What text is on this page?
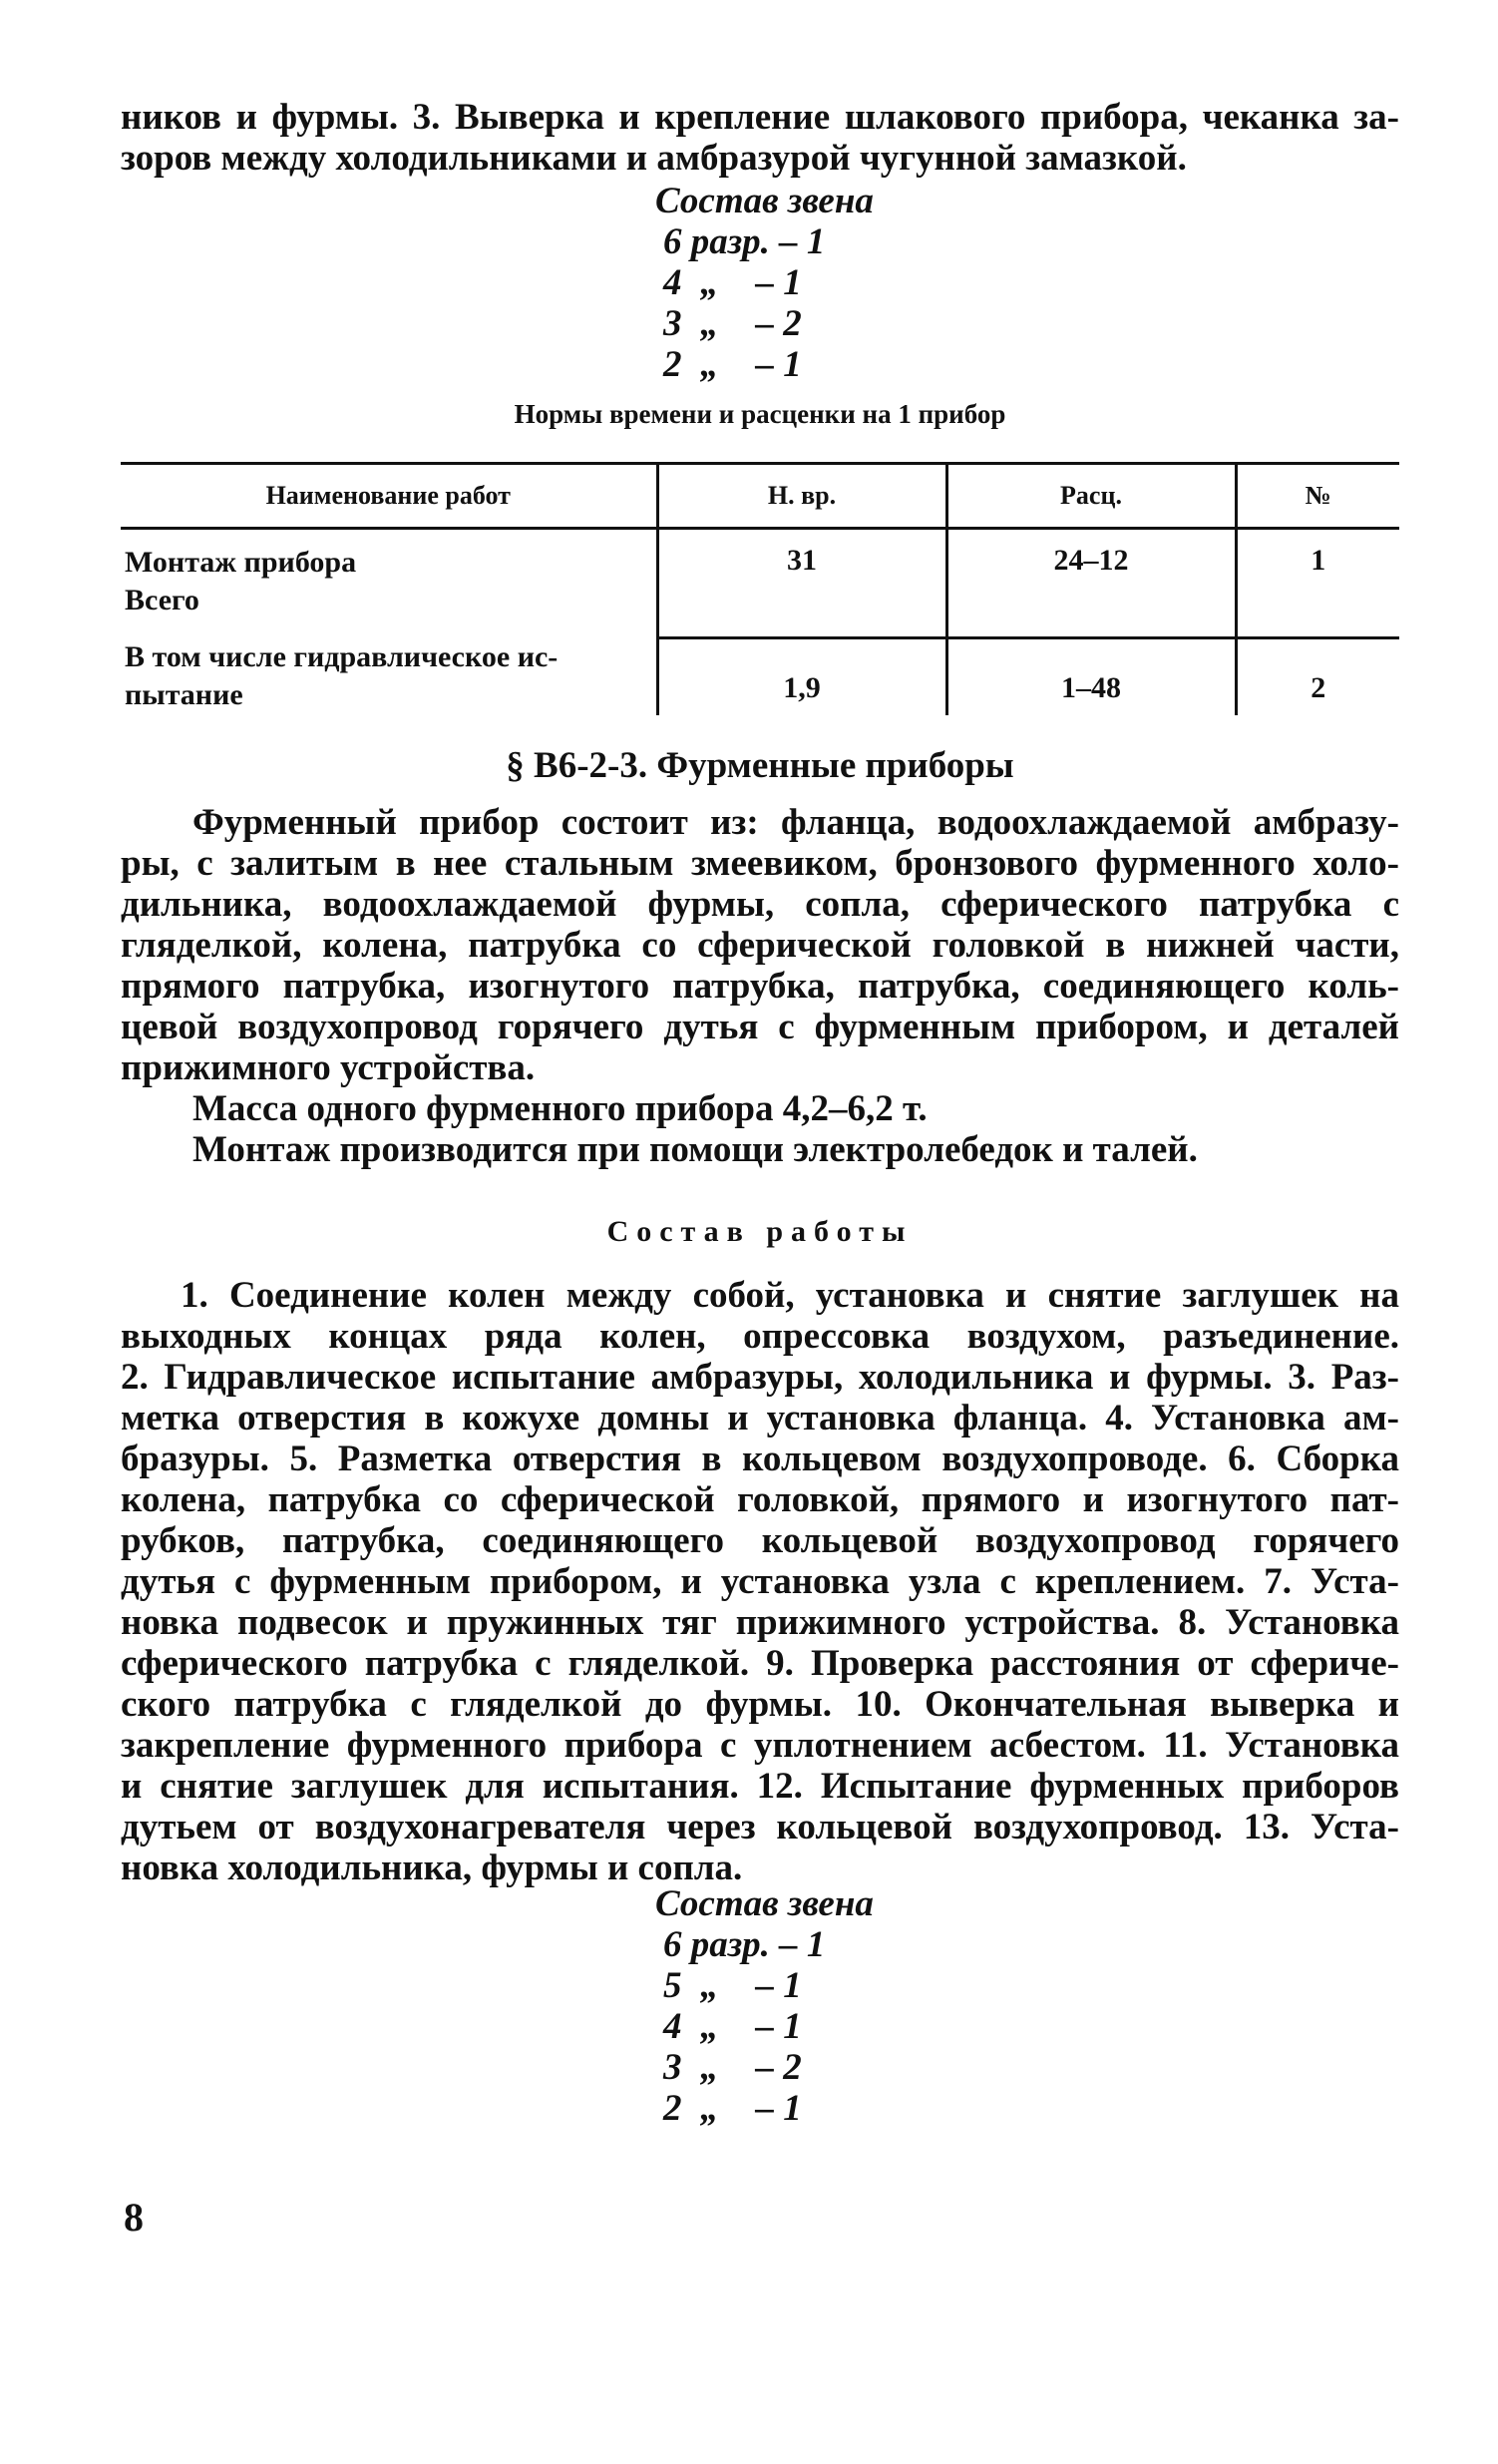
ников и фурмы. 3. Выверка и крепление шлакового прибора, чеканка за-
зоров между холодильниками и амбразурой чугунной замазкой.
Состав звена
6 разр. – 1
4  „    – 1
3  „    – 2
2  „    – 1
Нормы времени и расценки на 1 прибор
Наименование работ	Н. вр.	Расц.	№

Монтаж прибора
Всего	31	24–12	1

В том числе гидравлическое ис-
пытание	1,9	1–48	2
§ В6-2-3. Фурменные приборы
Фурменный прибор состоит из: фланца, водоохлаждаемой амбразу-
ры, с залитым в нее стальным змеевиком, бронзового фурменного холо-
дильника, водоохлаждаемой фурмы, сопла, сферического патрубка с
гляделкой, колена, патрубка со сферической головкой в нижней части,
прямого патрубка, изогнутого патрубка, патрубка, соединяющего коль-
цевой воздухопровод горячего дутья с фурменным прибором, и деталей
прижимного устройства.
Масса одного фурменного прибора 4,2–6,2 т.
Монтаж производится при помощи электролебедок и талей.
Состав работы
1. Соединение колен между собой, установка и снятие заглушек на
выходных концах ряда колен, опрессовка воздухом, разъединение.
2. Гидравлическое испытание амбразуры, холодильника и фурмы. 3. Раз-
метка отверстия в кожухе домны и установка фланца. 4. Установка ам-
бразуры. 5. Разметка отверстия в кольцевом воздухопроводе. 6. Сборка
колена, патрубка со сферической головкой, прямого и изогнутого пат-
рубков, патрубка, соединяющего кольцевой воздухопровод горячего
дутья с фурменным прибором, и установка узла с креплением. 7. Уста-
новка подвесок и пружинных тяг прижимного устройства. 8. Установка
сферического патрубка с гляделкой. 9. Проверка расстояния от сфериче-
ского патрубка с гляделкой до фурмы. 10. Окончательная выверка и
закрепление фурменного прибора с уплотнением асбестом. 11. Установка
и снятие заглушек для испытания. 12. Испытание фурменных приборов
дутьем от воздухонагревателя через кольцевой воздухопровод. 13. Уста-
новка холодильника, фурмы и сопла.
Состав звена
6 разр. – 1
5  „    – 1
4  „    – 1
3  „    – 2
2  „    – 1
8
